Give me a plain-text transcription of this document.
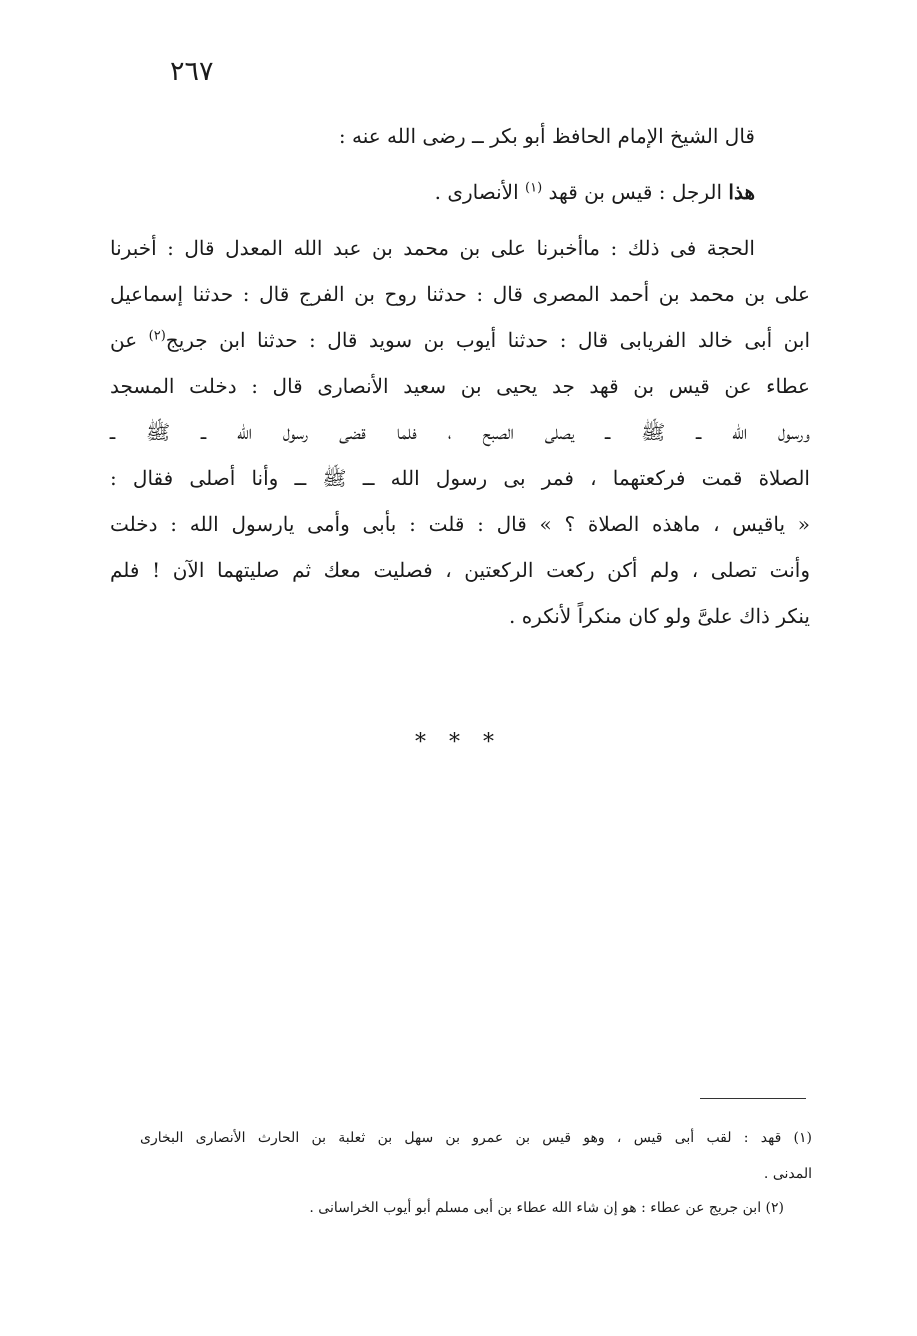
٢٦٧
قال الشيخ الإمام الحافظ أبو بكر ــ رضى الله عنه :
هذا الرجل : قيس بن قهد $^{(١)}$ الأنصارى .
الحجة فى ذلك : ماأخبرنا على بن محمد بن عبد الله المعدل قال : أخبرنا
على بن محمد بن أحمد المصرى قال : حدثنا روح بن الفرج قال : حدثنا إسماعيل
ابن أبى خالد الفريابى قال : حدثنا أيوب بن سويد قال : حدثنا ابن جريج$^{(٢)}$ عن
عطاء عن قيس بن قهد جد يحيى بن سعيد الأنصارى قال : دخلت المسجد
ورسول الله ــ ﷺ ــ يصلى الصبح ، فلما قضى رسول الله ــ ﷺ ــ
الصلاة قمت فركعتهما ، فمر بى رسول الله ــ ﷺ ــ وأنا أصلى فقال :
« ياقيس ، ماهذه الصلاة ؟ » قال : قلت : بأبى وأمى يارسول الله : دخلت
وأنت تصلى ، ولم أكن ركعت الركعتين ، فصليت معك ثم صليتهما الآن ! فلم
ينكر ذاك علىَّ ولو كان منكراً لأنكره .
* * *
(١) قهد : لقب أبى قيس ، وهو قيس بن عمرو بن سهل بن ثعلبة بن الحارث الأنصارى البخارى
المدنى .
(٢) ابن جريج عن عطاء : هو إن شاء الله عطاء بن أبى مسلم أبو أيوب الخراسانى .
